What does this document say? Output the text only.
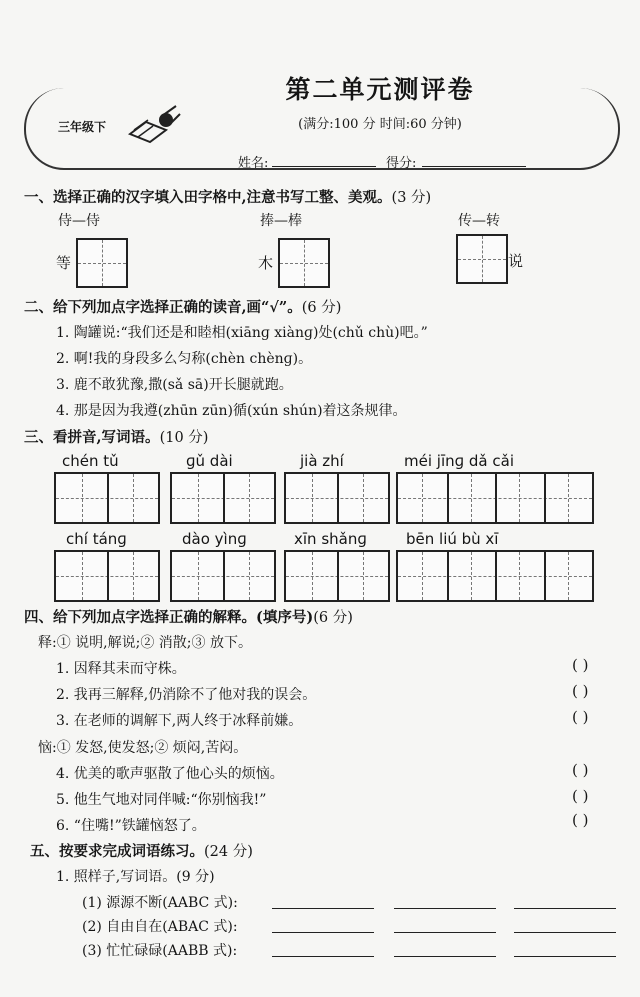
第二单元测评卷
(满分:100 分 时间:60 分钟)
三年级下
姓名:	得分:
一、选择正确的汉字填入田字格中,注意书写工整、美观。(3 分)
侍—侍	捧—棒	传—转
等	木	说
二、给下列加点字选择正确的读音,画“√”。(6 分)
1. 陶罐说:“我们还是和睦相(xiānɡ xiànɡ)处(chǔ chù)吧。”
2. 啊!我的身段多么匀称(chèn chènɡ)。
3. 鹿不敢犹豫,撒(sǎ sā)开长腿就跑。
4. 那是因为我遵(zhūn zūn)循(xún shún)着这条规律。
三、看拼音,写词语。(10 分)
chén tǔ	ɡǔ dài	jià zhí	méi jīnɡ dǎ cǎi
chí tánɡ	dào yìnɡ	xīn shǎnɡ	bēn liú bù xī
四、给下列加点字选择正确的解释。(填序号)(6 分)
释:① 说明,解说;② 消散;③ 放下。
1. 因释其耒而守株。	( )
2. 我再三解释,仍消除不了他对我的误会。	( )
3. 在老师的调解下,两人终于冰释前嫌。	( )
恼:① 发怒,使发怒;② 烦闷,苦闷。
4. 优美的歌声驱散了他心头的烦恼。	( )
5. 他生气地对同伴喊:“你别恼我!”	( )
6. “住嘴!”铁罐恼怒了。	( )
五、按要求完成词语练习。(24 分)
1. 照样子,写词语。(9 分)
(1) 源源不断(AABC 式):
(2) 自由自在(ABAC 式):
(3) 忙忙碌碌(AABB 式):
